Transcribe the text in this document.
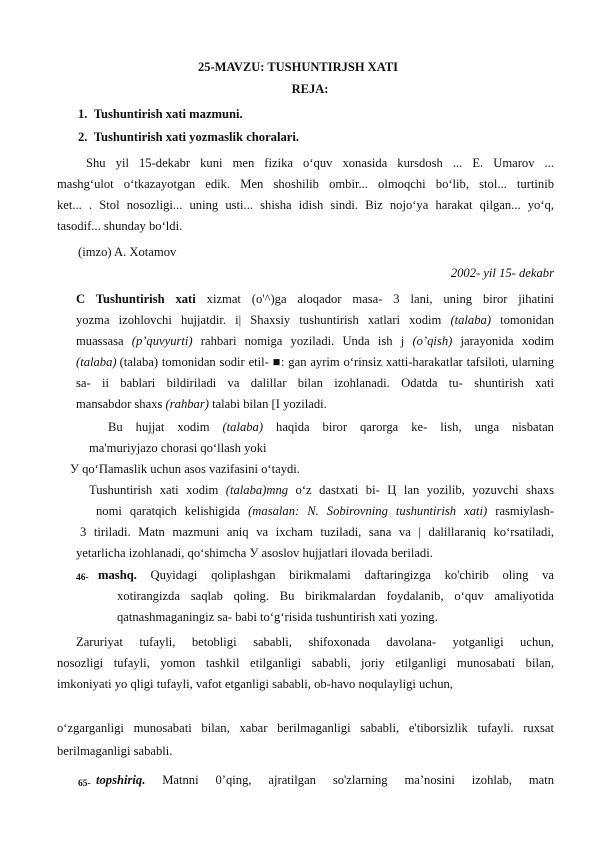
25-MAVZU: TUSHUNTIRJSH XATI
REJA:
1. Tushuntirish xati mazmuni.
2. Tushuntirish xati yozmaslik choralari.
Shu yil 15-dekabr kuni men fizika o‘quv xonasida kursdosh ... E. Umarov ...
mashg‘ulot o‘tkazayotgan edik. Men shoshilib ombir... olmoqchi bo‘lib, stol... turtinib
ket... . Stol nosozligi... uning usti... shisha idish sindi. Biz nojo‘ya harakat qilgan... yo‘q,
tasodif... shunday bo‘ldi.
(imzo) A. Xotamov
2002- yil 15- dekabr
C Tushuntirish xati xizmat (o'^)ga aloqador masa- 3 lani, uning biror jihatini
yozma izohlovchi hujjatdir. i| Shaxsiy tushuntirish xatlari xodim (talaba) tomonidan
muassasa (p’quvyurti) rahbari nomiga yoziladi. Unda ish j (o’qish) jarayonida xodim
(talaba) (talaba) tomonidan sodir etil- ■: gan ayrim o‘rinsiz xatti-harakatlar tafsiloti, ularning
sa- ii bablari bildiriladi va dalillar bilan izohlanadi. Odatda tu- shuntirish xati
mansabdor shaxs (rahbar) talabi bilan [I yoziladi.
Bu hujjat xodim (talaba) haqida biror qarorga ke- lish, unga nisbatan
ma'muriyjazo chorasi qo‘llash yoki
У qo‘Пamaslik uchun asos vazifasini o‘taydi.
Tushuntirish xati xodim (talaba)mng o‘z dastxati bi- Ц lan yozilib, yozuvchi shaxs
nomi qaratqich kelishigida (masalan: N. Sobirovning tushuntirish xati) rasmiylash-
3 tiriladi. Matn mazmuni aniq va ixcham tuziladi, sana va | dalillaraniq ko‘rsatiladi,
yetarlicha izohlanadi, qo‘shimcha У asoslov hujjatlari ilovada beriladi.
46- mashq. Quyidagi qoliplashgan birikmalami daftaringizga ko'chirib oling va
xotirangizda saqlab qoling. Bu birikmalardan foydalanib, o‘quv amaliyotida
qatnashmaganingiz sa- babi to‘g‘risida tushuntirish xati yozing.
Zaruriyat tufayli, betobligi sababli, shifoxonada davolana- yotganligi uchun,
nosozligi tufayli, yomon tashkil etilganligi sababli, joriy etilganligi munosabati bilan,
imkoniyati yo qligi tufayli, vafot etganligi sababli, ob-havo noqulayligi uchun,
o‘zgarganligi munosabati bilan, xabar berilmaganligi sababli, e'tiborsizlik tufayli. ruxsat
berilmaganligi sababli.
65- topshiriq. Matnni 0’qing, ajratilgan so'zlarning ma’nosini izohlab, matn
